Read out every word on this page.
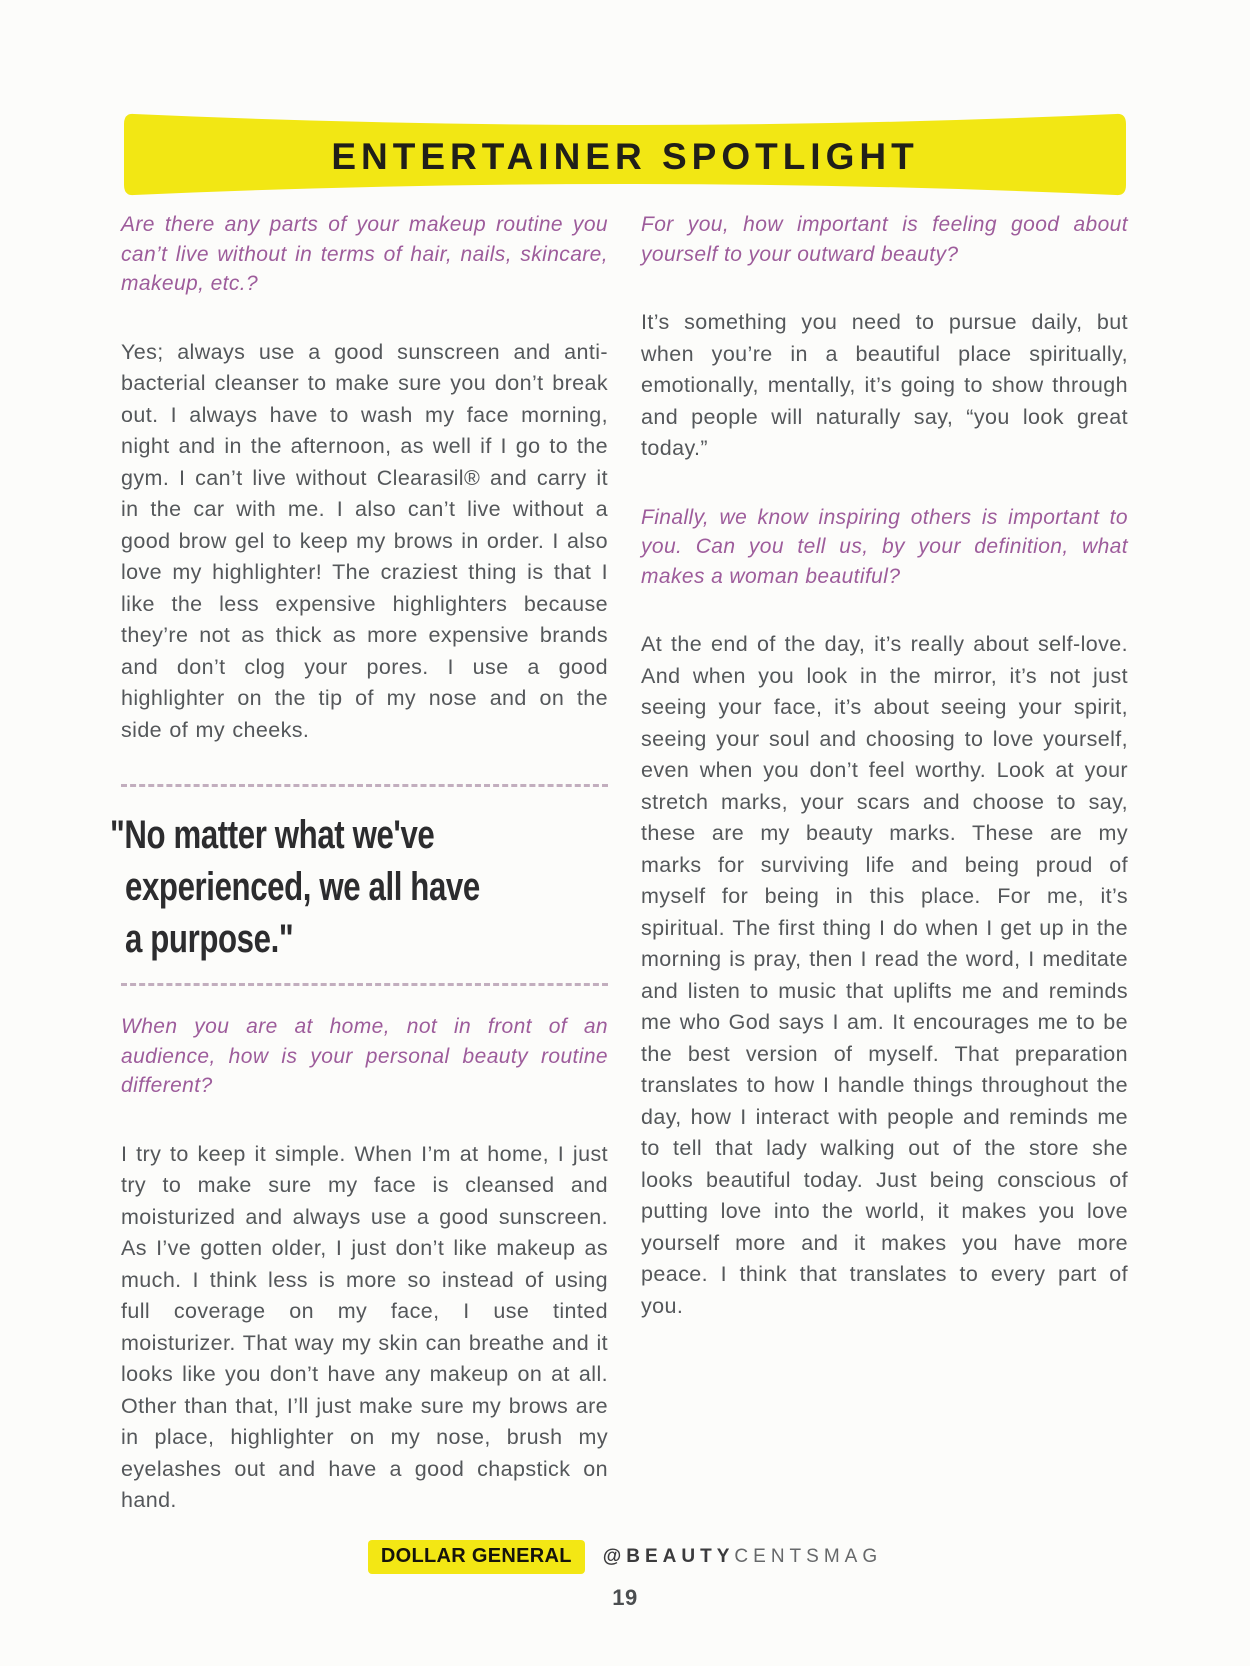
ENTERTAINER SPOTLIGHT

Are there any parts of your makeup routine you can’t live without in terms of hair, nails, skincare, makeup, etc.?

Yes; always use a good sunscreen and anti-bacterial cleanser to make sure you don’t break out. I always have to wash my face morning, night and in the afternoon, as well if I go to the gym. I can’t live without Clearasil® and carry it in the car with me. I also can’t live without a good brow gel to keep my brows in order. I also love my highlighter! The craziest thing is that I like the less expensive highlighters because they’re not as thick as more expensive brands and don’t clog your pores. I use a good highlighter on the tip of my nose and on the side of my cheeks.

"No matter what we've
experienced, we all have
a purpose."

When you are at home, not in front of an audience, how is your personal beauty routine different?

I try to keep it simple. When I’m at home, I just try to make sure my face is cleansed and moisturized and always use a good sunscreen. As I’ve gotten older, I just don’t like makeup as much. I think less is more so instead of using full coverage on my face, I use tinted moisturizer. That way my skin can breathe and it looks like you don’t have any makeup on at all. Other than that, I’ll just make sure my brows are in place, highlighter on my nose, brush my eyelashes out and have a good chapstick on hand.

For you, how important is feeling good about yourself to your outward beauty?

It’s something you need to pursue daily, but when you’re in a beautiful place spiritually, emotionally, mentally, it’s going to show through and people will naturally say, “you look great today.”

Finally, we know inspiring others is important to you. Can you tell us, by your definition, what makes a woman beautiful?

At the end of the day, it’s really about self-love. And when you look in the mirror, it’s not just seeing your face, it’s about seeing your spirit, seeing your soul and choosing to love yourself, even when you don’t feel worthy. Look at your stretch marks, your scars and choose to say, these are my beauty marks. These are my marks for surviving life and being proud of myself for being in this place. For me, it’s spiritual. The first thing I do when I get up in the morning is pray, then I read the word, I meditate and listen to music that uplifts me and reminds me who God says I am. It encourages me to be the best version of myself. That preparation translates to how I handle things throughout the day, how I interact with people and reminds me to tell that lady walking out of the store she looks beautiful today. Just being conscious of putting love into the world, it makes you love yourself more and it makes you have more peace. I think that translates to every part of you.

DOLLAR GENERAL	@BEAUTYCENTSMAG
19
